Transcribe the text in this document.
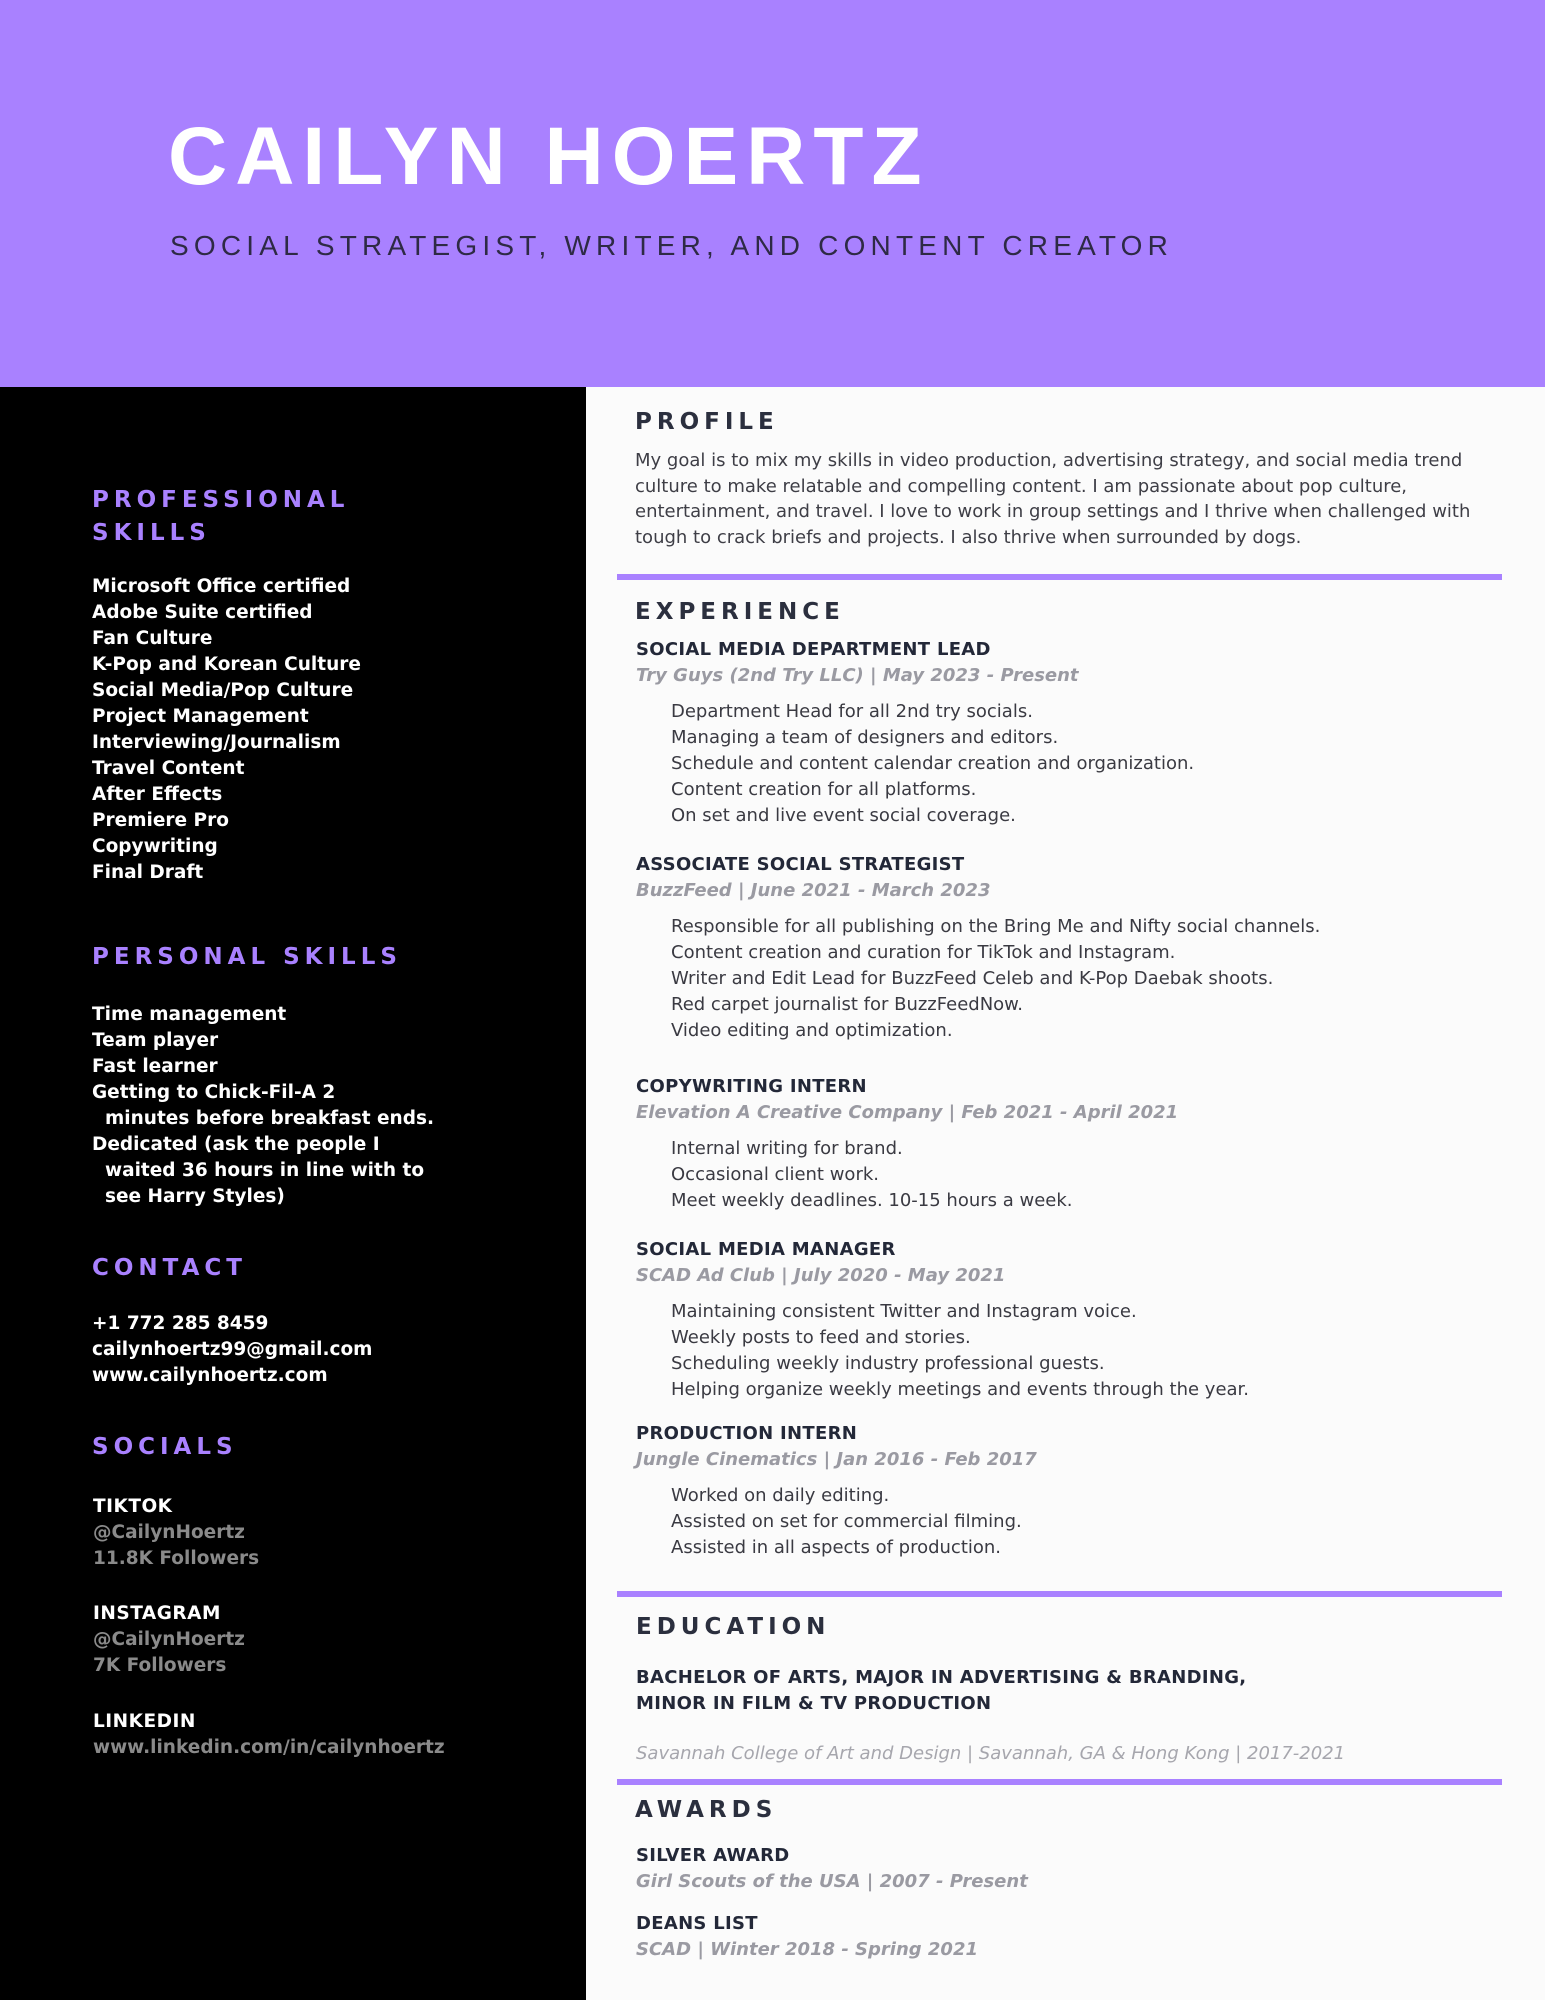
CAILYN HOERTZ

SOCIAL STRATEGIST, WRITER, AND CONTENT CREATOR

PROFESSIONAL
SKILLS
Microsoft Office certified
Adobe Suite certified
Fan Culture
K-Pop and Korean Culture
Social Media/Pop Culture
Project Management
Interviewing/Journalism
Travel Content
After Effects
Premiere Pro
Copywriting
Final Draft
PERSONAL SKILLS
Time management
Team player
Fast learner
Getting to Chick-Fil-A 2
minutes before breakfast ends.
Dedicated (ask the people I
waited 36 hours in line with to
see Harry Styles)
CONTACT
+1 772 285 8459
cailynhoertz99@gmail.com
www.cailynhoertz.com
SOCIALS
TIKTOK
@CailynHoertz
11.8K Followers
INSTAGRAM
@CailynHoertz
7K Followers
LINKEDIN
www.linkedin.com/in/cailynhoertz
PROFILE

My goal is to mix my skills in video production, advertising strategy, and social media trend culture to make relatable and compelling content. I am passionate about pop culture, entertainment, and travel. I love to work in group settings and I thrive when challenged with tough to crack briefs and projects. I also thrive when surrounded by dogs.

EXPERIENCE
SOCIAL MEDIA DEPARTMENT LEAD
Try Guys (2nd Try LLC) | May 2023 - Present
Department Head for all 2nd try socials.
Managing a team of designers and editors.
Schedule and content calendar creation and organization.
Content creation for all platforms.
On set and live event social coverage.
ASSOCIATE SOCIAL STRATEGIST
BuzzFeed | June 2021 - March 2023
Responsible for all publishing on the Bring Me and Nifty social channels.
Content creation and curation for TikTok and Instagram.
Writer and Edit Lead for BuzzFeed Celeb and K-Pop Daebak shoots.
Red carpet journalist for BuzzFeedNow.
Video editing and optimization.
COPYWRITING INTERN
Elevation A Creative Company | Feb 2021 - April 2021
Internal writing for brand.
Occasional client work.
Meet weekly deadlines. 10-15 hours a week.
SOCIAL MEDIA MANAGER
SCAD Ad Club | July 2020 - May 2021
Maintaining consistent Twitter and Instagram voice.
Weekly posts to feed and stories.
Scheduling weekly industry professional guests.
Helping organize weekly meetings and events through the year.
PRODUCTION INTERN
Jungle Cinematics | Jan 2016 - Feb 2017
Worked on daily editing.
Assisted on set for commercial filming.
Assisted in all aspects of production.
EDUCATION
BACHELOR OF ARTS, MAJOR IN ADVERTISING & BRANDING,
MINOR IN FILM & TV PRODUCTION
Savannah College of Art and Design | Savannah, GA & Hong Kong | 2017-2021
AWARDS
SILVER AWARD
Girl Scouts of the USA | 2007 - Present
DEANS LIST
SCAD | Winter 2018 - Spring 2021
